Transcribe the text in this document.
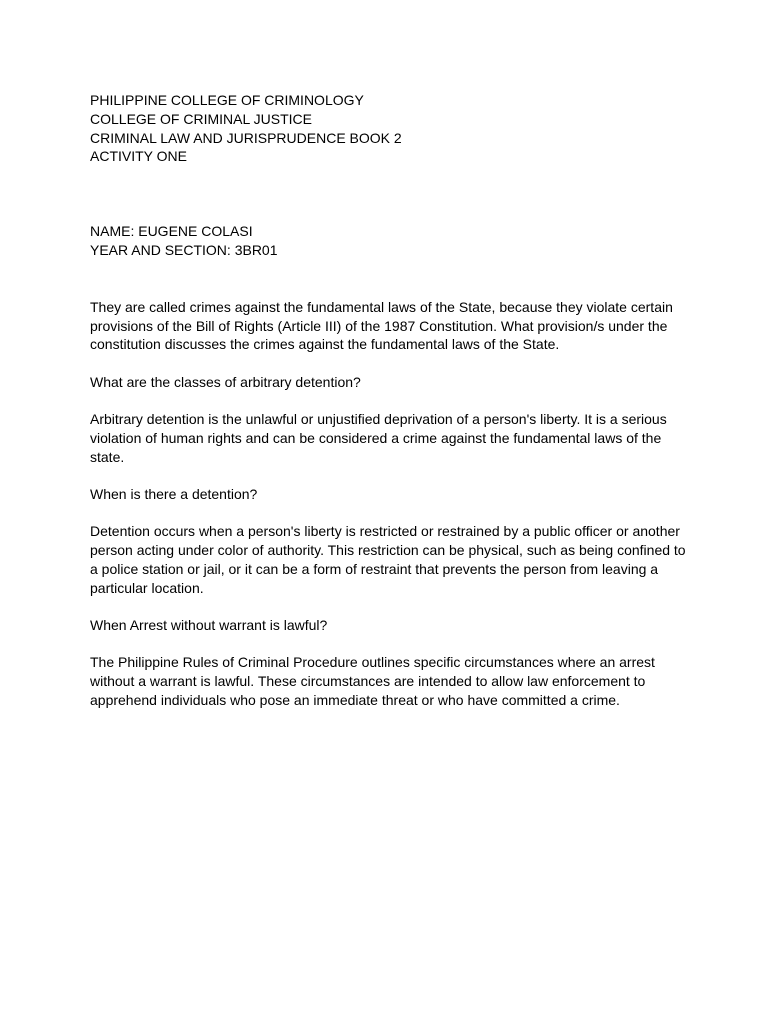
PHILIPPINE COLLEGE OF CRIMINOLOGY
COLLEGE OF CRIMINAL JUSTICE
CRIMINAL LAW AND JURISPRUDENCE BOOK 2
ACTIVITY ONE
NAME: EUGENE COLASI
YEAR AND SECTION: 3BR01

They are called crimes against the fundamental laws of the State, because they violate certain provisions of the Bill of Rights (Article III) of the 1987 Constitution. What provision/s under the constitution discusses the crimes against the fundamental laws of the State.

What are the classes of arbitrary detention?

Arbitrary detention is the unlawful or unjustified deprivation of a person's liberty. It is a serious violation of human rights and can be considered a crime against the fundamental laws of the state.

When is there a detention?

Detention occurs when a person's liberty is restricted or restrained by a public officer or another person acting under color of authority. This restriction can be physical, such as being confined to a police station or jail, or it can be a form of restraint that prevents the person from leaving a particular location.

When Arrest without warrant is lawful?

The Philippine Rules of Criminal Procedure outlines specific circumstances where an arrest without a warrant is lawful. These circumstances are intended to allow law enforcement to apprehend individuals who pose an immediate threat or who have committed a crime.
